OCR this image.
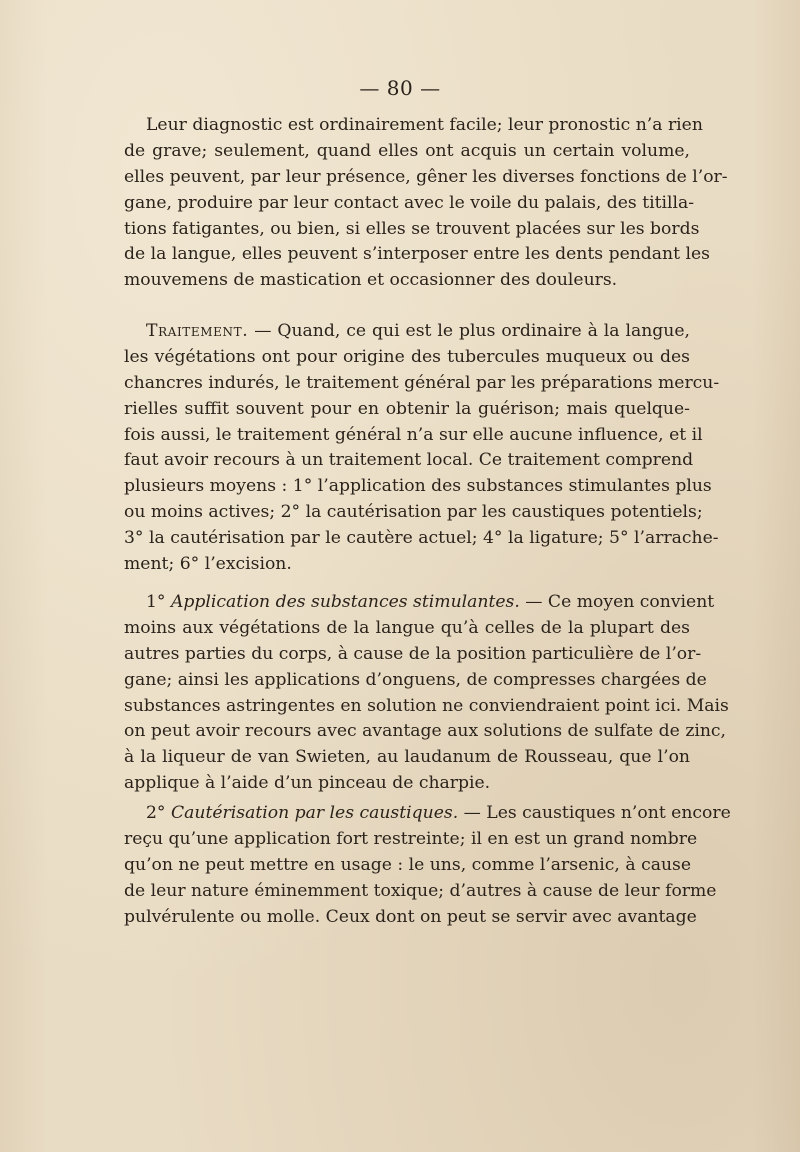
— 80 —
Leur diagnostic est ordinairement facile; leur pronostic n’a rien
de grave; seulement, quand elles ont acquis un certain volume,
elles peuvent, par leur présence, gêner les diverses fonctions de l’or-
gane, produire par leur contact avec le voile du palais, des titilla-
tions fatigantes, ou bien, si elles se trouvent placées sur les bords
de la langue, elles peuvent s’interposer entre les dents pendant les
mouvemens de mastication et occasionner des douleurs.
Traitement. — Quand, ce qui est le plus ordinaire à la langue,
les végétations ont pour origine des tubercules muqueux ou des
chancres indurés, le traitement général par les préparations mercu-
rielles suffit souvent pour en obtenir la guérison; mais quelque-
fois aussi, le traitement général n’a sur elle aucune influence, et il
faut avoir recours à un traitement local. Ce traitement comprend
plusieurs moyens : 1° l’application des substances stimulantes plus
ou moins actives; 2° la cautérisation par les caustiques potentiels;
3° la cautérisation par le cautère actuel; 4° la ligature; 5° l’arrache-
ment; 6° l’excision.
1° Application des substances stimulantes. — Ce moyen convient
moins aux végétations de la langue qu’à celles de la plupart des
autres parties du corps, à cause de la position particulière de l’or-
gane; ainsi les applications d’onguens, de compresses chargées de
substances astringentes en solution ne conviendraient point ici. Mais
on peut avoir recours avec avantage aux solutions de sulfate de zinc,
à la liqueur de van Swieten, au laudanum de Rousseau, que l’on
applique à l’aide d’un pinceau de charpie.
2° Cautérisation par les caustiques. — Les caustiques n’ont encore
reçu qu’une application fort restreinte; il en est un grand nombre
qu’on ne peut mettre en usage : le uns, comme l’arsenic, à cause
de leur nature éminemment toxique; d’autres à cause de leur forme
pulvérulente ou molle. Ceux dont on peut se servir avec avantage
